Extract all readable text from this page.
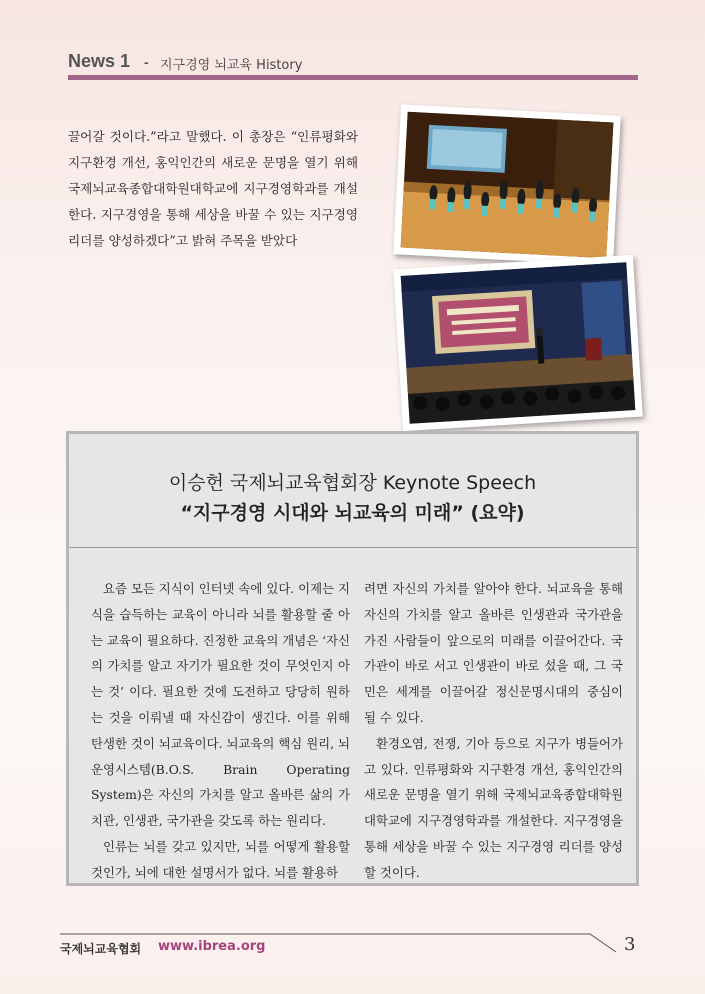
News 1 - 지구경영 뇌교육 History

끌어갈 것이다.”라고 말했다. 이 총장은 “인류평화와 지구환경 개선, 홍익인간의 새로운 문명을 열기 위해 국제뇌교육종합대학원대학교에 지구경영학과를 개설한다. 지구경영을 통해 세상을 바꿀 수 있는 지구경영 리더를 양성하겠다”고 밝혀 주목을 받았다

이승헌 국제뇌교육협회장 Keynote Speech
“지구경영 시대와 뇌교육의 미래” (요약)

요즘 모든 지식이 인터넷 속에 있다. 이제는 지식을 습득하는 교육이 아니라 뇌를 활용할 줄 아는 교육이 필요하다. 진정한 교육의 개념은 ‘자신의 가치를 알고 자기가 필요한 것이 무엇인지 아는 것’ 이다. 필요한 것에 도전하고 당당히 원하는 것을 이뤄낼 때 자신감이 생긴다. 이를 위해 탄생한 것이 뇌교육이다. 뇌교육의 핵심 원리, 뇌운영시스템(B.O.S. Brain Operating System)은 자신의 가치를 알고 올바른 삶의 가치관, 인생관, 국가관을 갖도록 하는 원리다.

인류는 뇌를 갖고 있지만, 뇌를 어떻게 활용할 것인가, 뇌에 대한 설명서가 없다. 뇌를 활용하

려면 자신의 가치를 알아야 한다. 뇌교육을 통해 자신의 가치를 알고 올바른 인생관과 국가관을 가진 사람들이 앞으로의 미래를 이끌어간다. 국가관이 바로 서고 인생관이 바로 섰을 때, 그 국민은 세계를 이끌어갈 정신문명시대의 중심이 될 수 있다.

환경오염, 전쟁, 기아 등으로 지구가 병들어가고 있다. 인류평화와 지구환경 개선, 홍익인간의 새로운 문명을 열기 위해 국제뇌교육종합대학원대학교에 지구경영학과를 개설한다. 지구경영을 통해 세상을 바꿀 수 있는 지구경영 리더를 양성할 것이다.

국제뇌교육협회 www.ibrea.org	3
